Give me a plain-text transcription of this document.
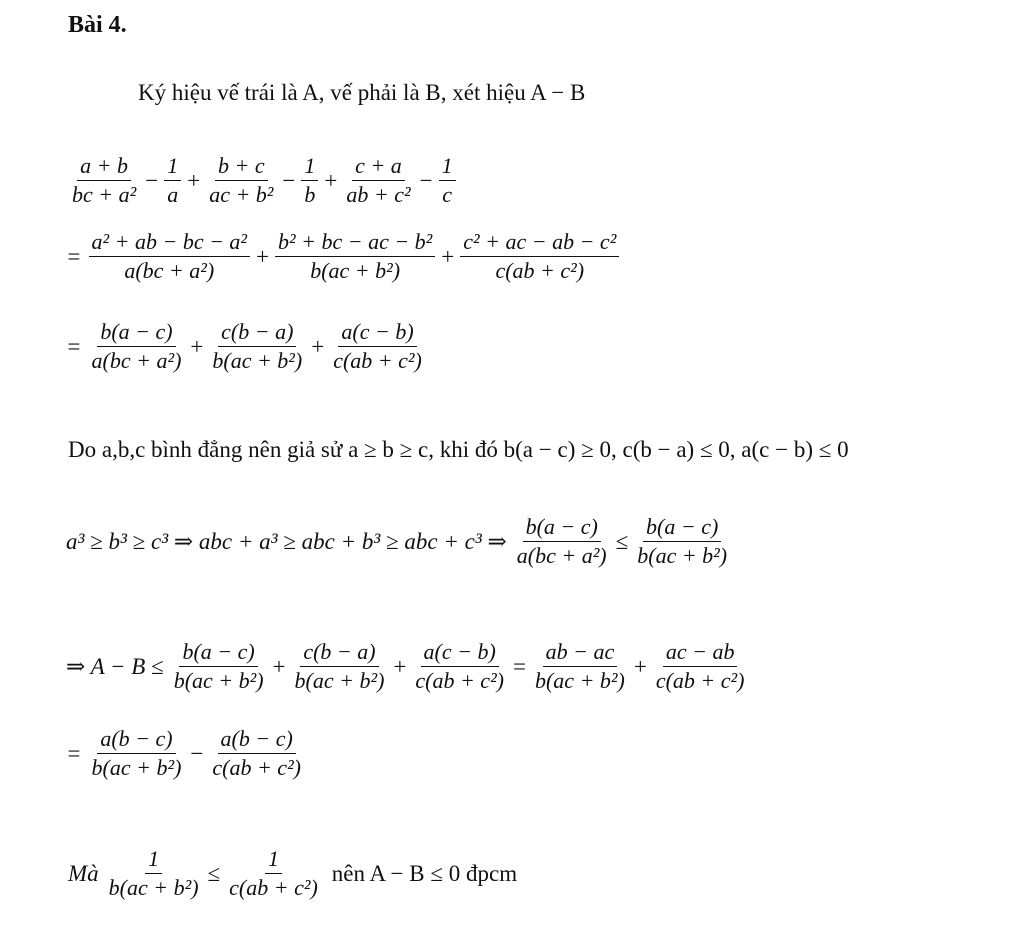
Bài 4.
Ký hiệu vế trái là A, vế phải là B, xét hiệu A − B
$\frac{a + b}{\text{bc + a²}} - \frac{1}{a} + \frac{b + c}{\text{ac + b²}} - \frac{1}{b} + \frac{c + a}{\text{ab + c²}} - \frac{1}{c}$
= $\frac{\text{a² + ab − bc − a²}}{\text{a(bc + a²)}} + \frac{\text{b² + bc − ac − b²}}{\text{b(ac + b²)}} + \frac{\text{c² + ac − ab − c²}}{\text{c(ab + c²)}}$
= $\frac{b(a - c)}{\text{a(bc + a²)}} + \frac{c(b - a)}{\text{b(ac + b²)}} + \frac{a(c - b)}{\text{c(ab + c²)}}$
Do a,b,c bình đẳng nên giả sử a ≥ b ≥ c, khi đó b(a − c) ≥ 0, c(b − a) ≤ 0, a(c − b) ≤ 0
a³ ≥ b³ ≥ c³ ⇒ abc + a³ ≥ abc + b³ ≥ abc + c³ ⇒ $\frac{b(a - c)}{\text{a(bc + a²)}} \le \frac{b(a - c)}{\text{b(ac + b²)}}$
⇒ $A - B \le \frac{b(a - c)}{\text{b(ac + b²)}} + \frac{c(b - a)}{\text{b(ac + b²)}} + \frac{a(c - b)}{\text{c(ab + c²)}} = \frac{ab - ac}{\text{b(ac + b²)}} + \frac{ac - ab}{\text{c(ab + c²)}}$
= $\frac{a(b - c)}{\text{b(ac + b²)}} - \frac{a(b - c)}{\text{c(ab + c²)}}$
Mà $\frac{1}{\text{b(ac + b²)}} \le \frac{1}{\text{c(ab + c²)}}$ nên A − B ≤ 0 đpcm
